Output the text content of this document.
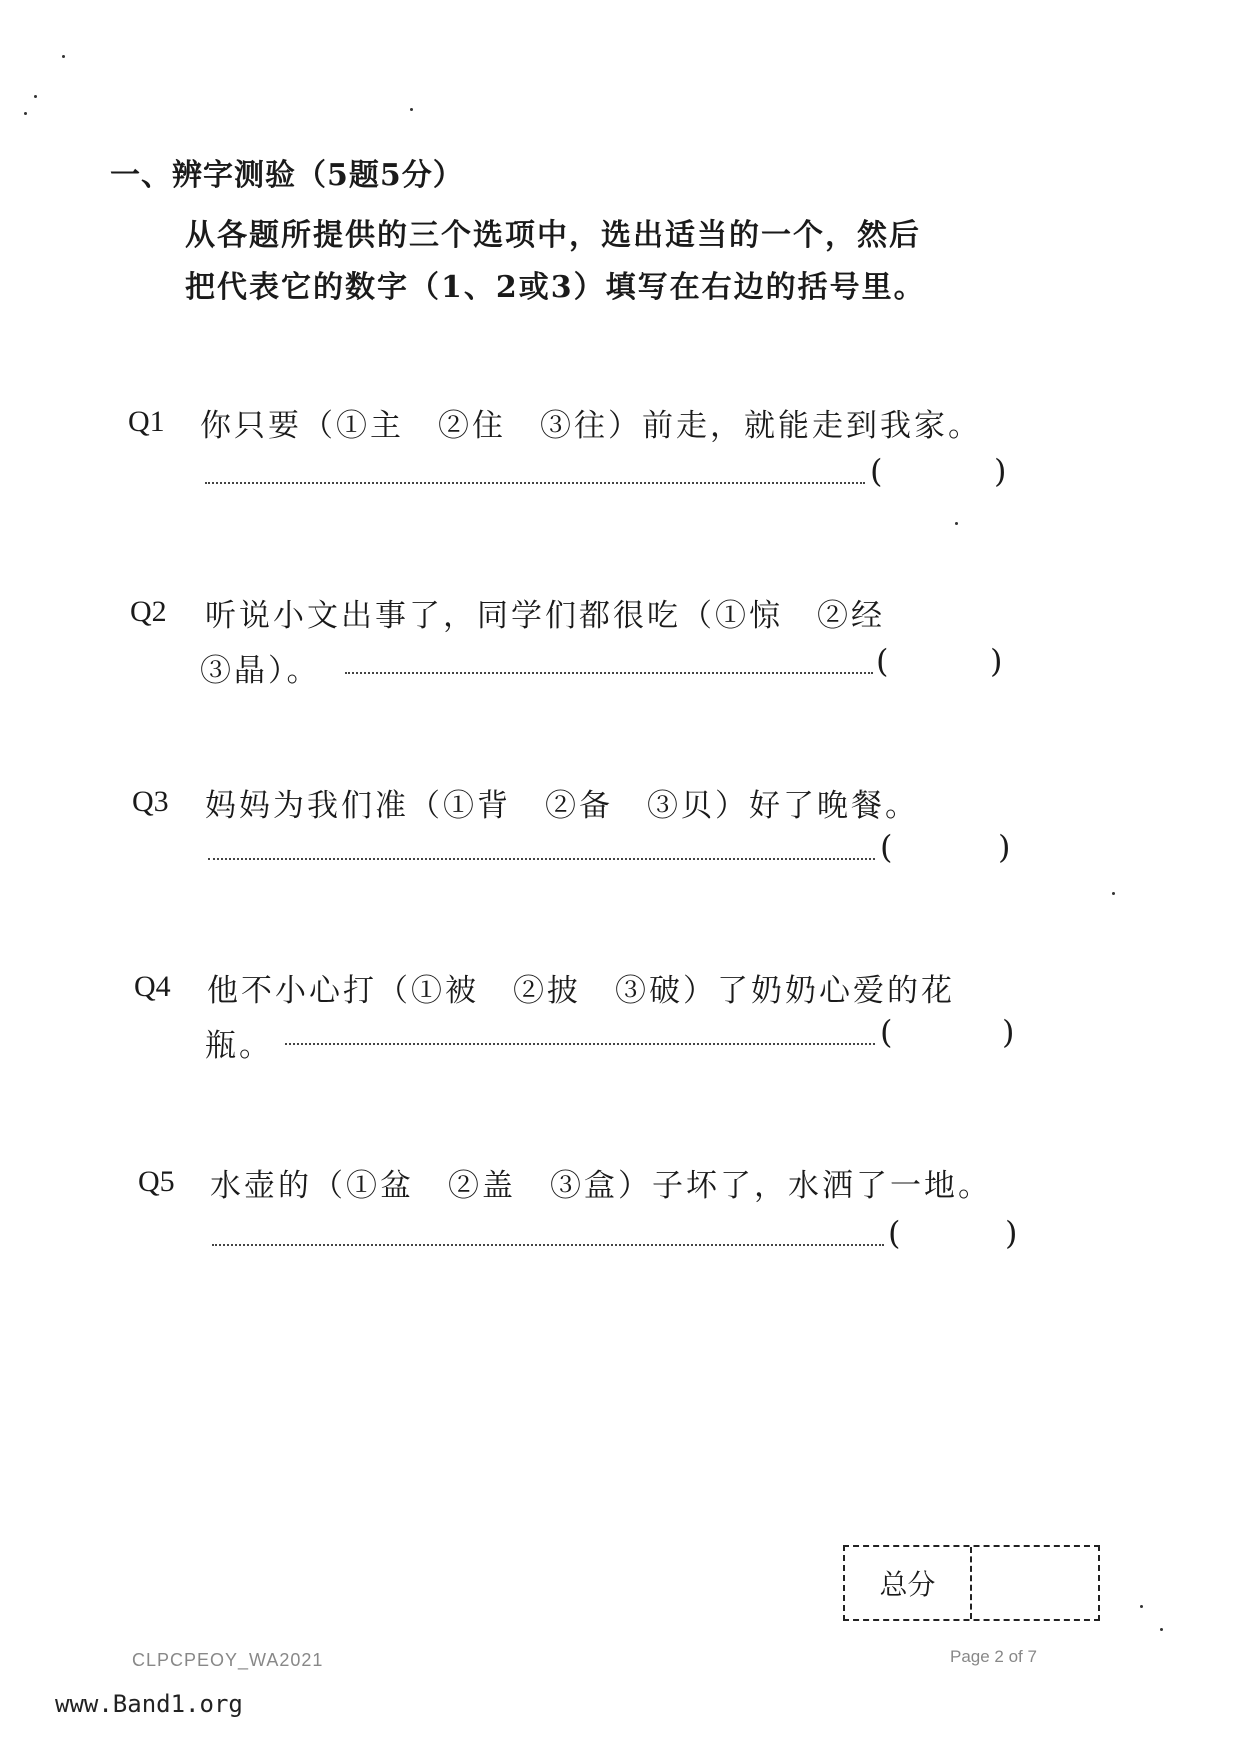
一、辨字测验（5题5分）
从各题所提供的三个选项中，选出适当的一个，然后
把代表它的数字（1、2或3）填写在右边的括号里。
Q1 你只要（①主　②住　③往）前走，就能走到我家。
(	)
Q2 听说小文出事了，同学们都很吃（①惊　②经
③晶）。	(	)
Q3 妈妈为我们准（①背　②备　③贝）好了晚餐。
(	)
Q4 他不小心打（①被　②披　③破）了奶奶心爱的花
瓶。	(	)
Q5 水壶的（①盆　②盖　③盒）子坏了，水洒了一地。
(	)
总分
CLPCPEOY_WA2021	Page 2 of 7
www.Band1.org
